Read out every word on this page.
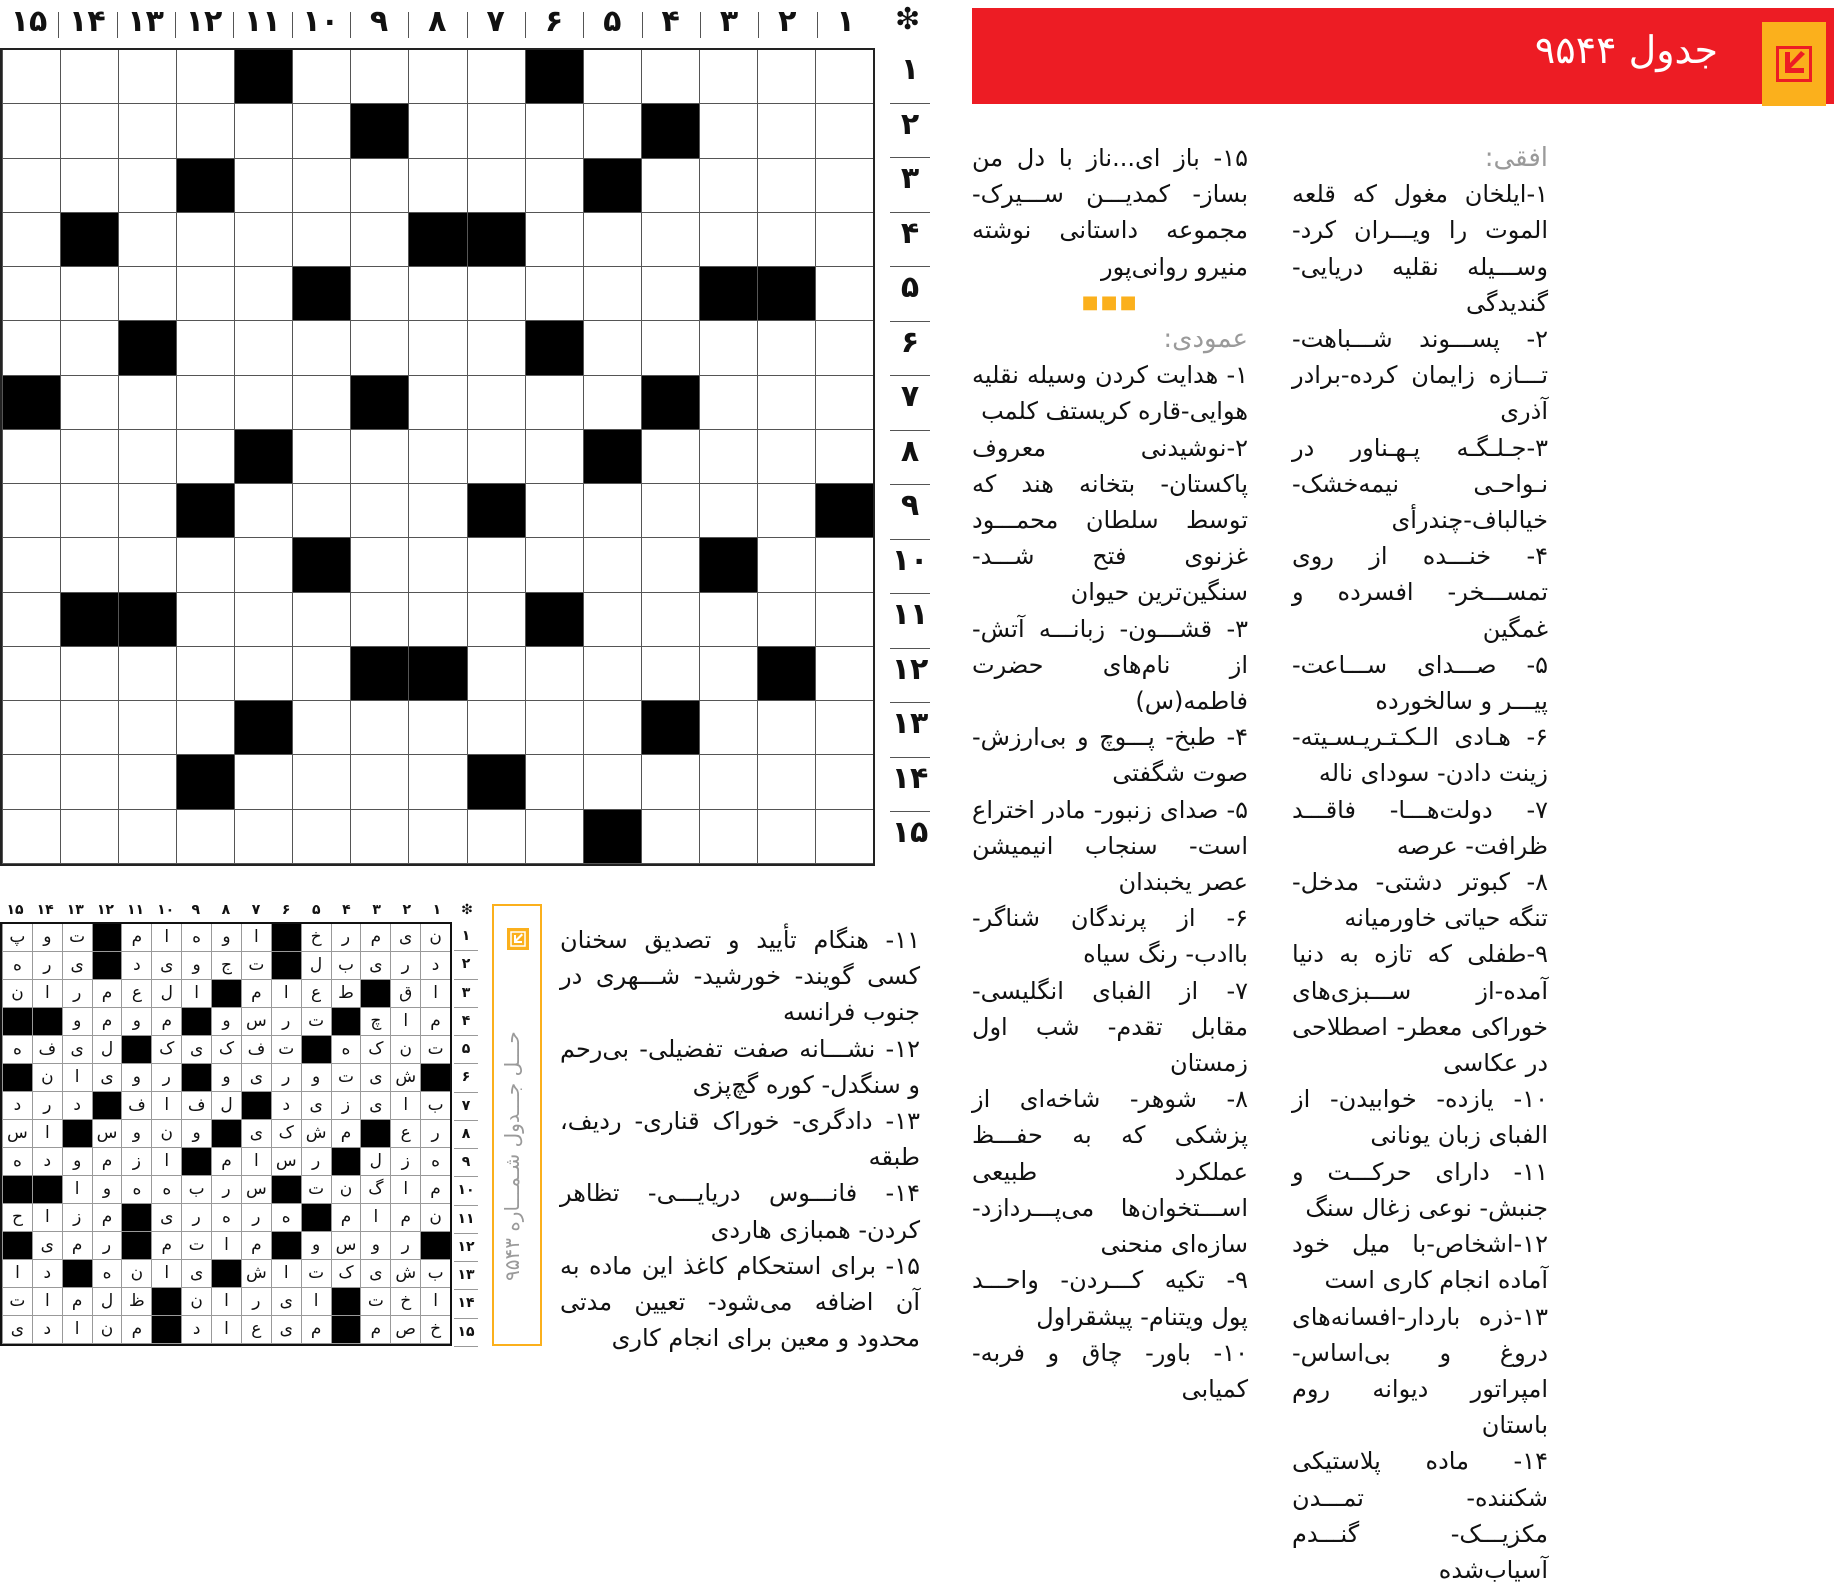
۱
۲
۳
۴
۵
۶
۷
۸
۹
۱۰
۱۱
۱۲
۱۳
۱۴
۱۵	❇
۱
۲
۳
۴
۵
۶
۷
۸
۹
۱۰
۱۱
۱۲
۱۳
۱۴
۱۵
جدول ۹۵۴۴

افقی:

۱-ایلخان مغول که قلعه الموت را ویـــران کرد- وســـیله نقلیه دریایی-گندیدگی

۲- پســـوند شـــباهت- تـــازه زایمان کرده-برادر آذری

۳-جـلـگـه پـهـناور در نـواحـی نیمه‌خشک-خیالباف-چندرأی

۴- خنـــده از روی تمســـخر- افسرده و غمگین

۵- صـــدای ســـاعت- پیـــر و سالخورده

۶- هـادی الـکـتـریـسـیته- زینت دادن- سودای ناله

۷- دولت‌هـــا- فاقـــد ظرافت- عرصه

۸- کبوتر دشتی- مدخل- تنگه حیاتی خاورمیانه

۹-طفلی که تازه به دنیا آمده-از ســـبزی‌های خوراکی معطر- اصطلاحی در عکاسی

۱۰- یازده- خوابیدن- از الفبای زبان یونانی

۱۱- دارای حرکـــت و جنبش- نوعی زغال سنگ

۱۲-اشخاص-با میل خود آماده انجام کاری است

۱۳-ذره باردار-افسانه‌های دروغ و بی‌اساس- امپراتور دیوانه روم باستان

۱۴- ماده پلاستیکی شکننده- تمـــدن مکزیـــک- گنـــدم آسیاب‌شده

۱۵- باز ای...ناز با دل من بساز- کمدیـــن ســـیرک- مجموعه داستانی نوشته منیرو روانی‌پور

■■■

عمودی:

۱- هدایت کردن وسیله نقلیه هوایی-قاره کریستف کلمب

۲-نوشیدنی معروف پاکستان- بتخانه هند که توسط سلطان محمـــود غزنوی فتح شـــد- سنگین‌ترین حیوان

۳- قشـــون- زبانـــه آتش- از نام‌های حضرت فاطمه(س)

۴- طبخ- پـــوچ و بی‌ارزش- صوت شگفتی

۵- صدای زنبور- مادر اختراع است- سنجاب انیمیشن عصر یخبندان

۶- از پرندگان شناگر- باادب- رنگ سیاه

۷- از الفبای انگلیسی- مقابل تقدم- شب اول زمستان

۸- شوهر- شاخه‌ای از پزشکی که به حفـــظ عملکرد طبیعی اســـتخوان‌ها می‌پـــردازد- سازه‌ای منحنی

۹- تکیه کـــردن- واحـــد پول ویتنام- پیشقراول

۱۰- باور- چاق و فربه- کمیابی

۱۱- هنگام تأیید و تصدیق سخنان کسی گویند- خورشید- شـــهری در جنوب فرانسه

۱۲- نشـــانه صفت تفضیلی- بی‌رحم و سنگدل- کوره گچ‌پزی

۱۳- دادگری- خوراک قناری- ردیف، طبقه

۱۴- فانـــوس دریایـــی- تظاهر کردن- همبازی هاردی

۱۵- برای استحکام کاغذ این ماده به آن اضافه می‌شود- تعیین مدتی محدود و معین برای انجام کاری

حـــل جـــدول شـمـــاره ۹۵۴۳
۱
۲
۳
۴
۵
۶
۷
۸
۹
۱۰
۱۱
۱۲
۱۳
۱۴
۱۵	❇
ن
ی
م
ر
خ
ا
و
ه
ا
م
ت
و
پ
د
ر
ی
ب
ل
ت
ج
و
ی
د
ی
ر
ه
ا
ق
ط
ع
ا
م
ا
ل
ع
م
ر
ا
ن
م
ا
چ
ت
ر
س
و
م
و
م
و
ت
ن
ک
ه
ت
ف
ک
ی
ک
ل
ی
ف
ه
ش
ی
ت
و
ر
ی
و
ر
و
ی
ا
ن
ب
ا
ی
ز
ی
د
ل
ف
ا
ف
د
ر
د
ر
ع
م
ش
ک
ی
و
ن
و
س
ا
س
ه
ز
ل
ر
س
ا
م
ا
ز
م
و
د
ه
م
ا
گ
ن
ت
س
ر
ب
ه
ه
و
ا
ن
م
ا
م
ه
ر
ه
ر
ی
م
ز
ا
ح
ر
و
س
و
م
ا
ت
م
ر
م
ی
ب
ش
ی
ک
ت
ا
ش
ی
ا
ن
ه
د
ا
ا
خ
ت
ا
ی
ر
ا
ن
ظ
ل
م
ا
ت
خ
ص
م
م
ی
ع
ا
د
م
ن
ا
د
ی
۱
۲
۳
۴
۵
۶
۷
۸
۹
۱۰
۱۱
۱۲
۱۳
۱۴
۱۵
